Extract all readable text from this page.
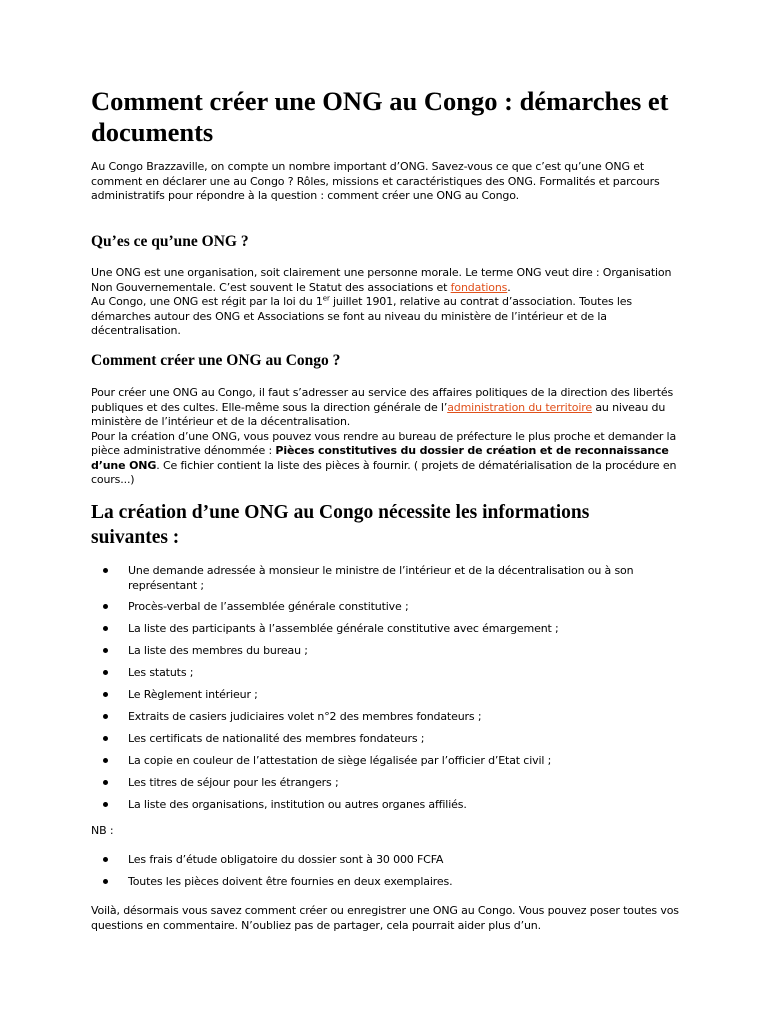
Comment créer une ONG au Congo : démarches et documents

Au Congo Brazzaville, on compte un nombre important d’ONG. Savez-vous ce que c’est qu’une ONG et comment en déclarer une au Congo ? Rôles, missions et caractéristiques des ONG. Formalités et parcours administratifs pour répondre à la question : comment créer une ONG au Congo.

Qu’es ce qu’une ONG ?

Une ONG est une organisation, soit clairement une personne morale. Le terme ONG veut dire : Organisation Non Gouvernementale. C’est souvent le Statut des associations et fondations.
Au Congo, une ONG est régit par la loi du 1er juillet 1901, relative au contrat d’association. Toutes les démarches autour des ONG et Associations se font au niveau du ministère de l’intérieur et de la décentralisation.

Comment créer une ONG au Congo ?

Pour créer une ONG au Congo, il faut s’adresser au service des affaires politiques de la direction des libertés publiques et des cultes. Elle-même sous la direction générale de l’administration du territoire au niveau du ministère de l’intérieur et de la décentralisation.
Pour la création d’une ONG, vous pouvez vous rendre au bureau de préfecture le plus proche et demander la pièce administrative dénommée : Pièces constitutives du dossier de création et de reconnaissance d’une ONG. Ce fichier contient la liste des pièces à fournir. ( projets de dématérialisation de la procédure en cours...)

La création d’une ONG au Congo nécessite les informations suivantes :
Une demande adressée à monsieur le ministre de l’intérieur et de la décentralisation ou à son représentant ;
Procès-verbal de l’assemblée générale constitutive ;
La liste des participants à l’assemblée générale constitutive avec émargement ;
La liste des membres du bureau ;
Les statuts ;
Le Règlement intérieur ;
Extraits de casiers judiciaires volet n°2 des membres fondateurs ;
Les certificats de nationalité des membres fondateurs ;
La copie en couleur de l’attestation de siège légalisée par l’officier d’Etat civil ;
Les titres de séjour pour les étrangers ;
La liste des organisations, institution ou autres organes affiliés.

NB :

Les frais d’étude obligatoire du dossier sont à 30 000 FCFA
Toutes les pièces doivent être fournies en deux exemplaires.

Voilà, désormais vous savez comment créer ou enregistrer une ONG au Congo. Vous pouvez poser toutes vos questions en commentaire. N’oubliez pas de partager, cela pourrait aider plus d’un.
